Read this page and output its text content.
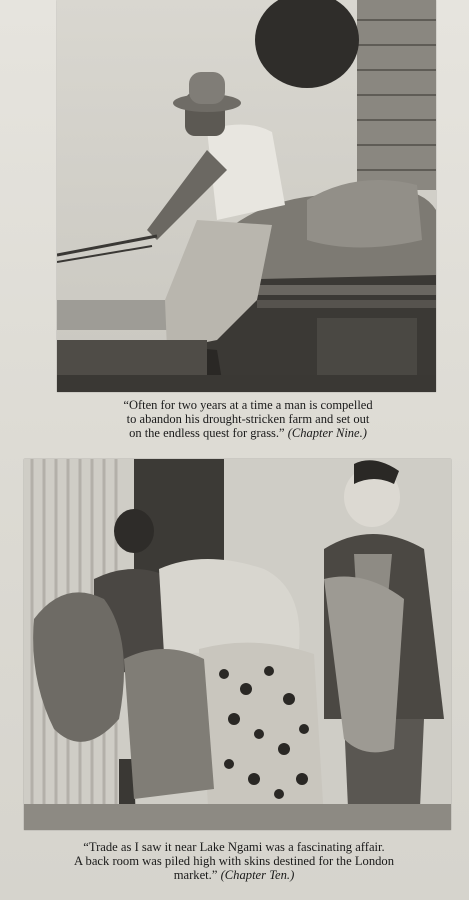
“Often for two years at a time a man is compelled
to abandon his drought-stricken farm and set out
on the endless quest for grass.” (Chapter Nine.)
“Trade as I saw it near Lake Ngami was a fascinating affair.
A back room was piled high with skins destined for the London
market.” (Chapter Ten.)
